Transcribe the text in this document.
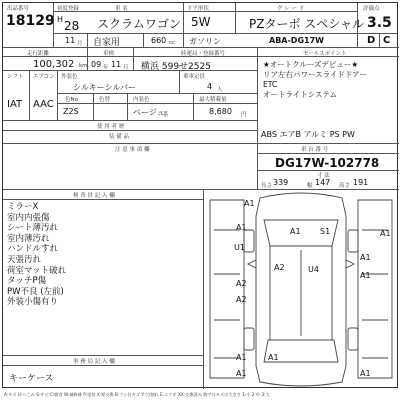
出品番号	初度登録	車 名	ドア形状	グ レ ー ド	評価点
18129 H 28 スクラムワゴン 5W	PZターボ スペシャル 3.5
11 月 自家用	660 cc ガソリン	ABA-DG17W	D C
走行距離	車検	陸運局・登録番号	セールスポイント
100,302 km 09 年 11 月 横浜 599せ2525
シフト エアコン 外装色	乗車定員
シルキーシルバー	4 人
IAT AAC 色No	色替	内装色	最大積載量
Z2S	ベージュ
系	8,680 円
使 用 者 歴
装 備 品
★オートクルーズデビュー★
リア左右パワースライドドアー
ETC
オートライトシステム
ABS エアB アルミ PS PW
注 意 事 項 欄	車 台 番 号
DG17W-102778
寸 法
長さ 339	幅 147 高さ 191
検 査 員 記 入 欄
ミラーX
室内内張傷
シート薄汚れ
室内薄汚れ
ハンドルすれ
天張汚れ
荷室マット破れ
タッチP傷
PW不良 (左前)
外装小傷有り
事 務 局 記 入 欄
キーケース
A1
A1 S1
A1
A1
U1
A2	U4
A1
A1
A2
A2
A1	A1
A1	A1
A:キズ U:へこみ S:サビ C:腐食 W:補修跡 P:塗装 X:要交換 B:フシ付キズ Y:穴/割れ E:エクボ XX:交換済み 数字はキズの大きさ 1:小 2:中 3:大
